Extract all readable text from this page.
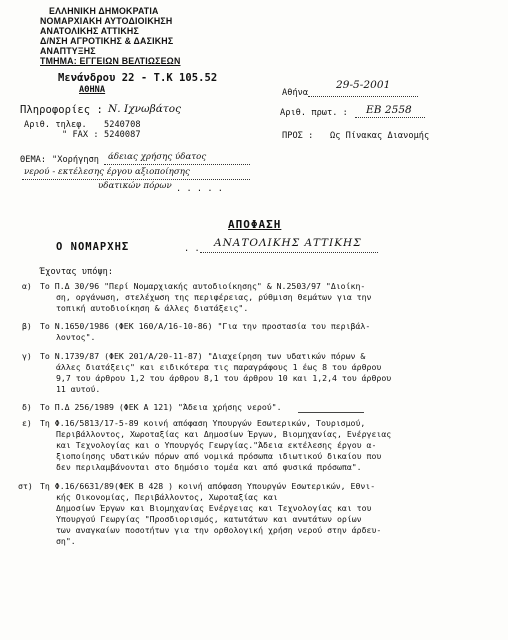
ΕΛΛΗΝΙΚΗ ΔΗΜΟΚΡΑΤΙΑ
ΝΟΜΑΡΧΙΑΚΗ ΑΥΤΟΔΙΟΙΚΗΣΗ
ΑΝΑΤΟΛΙΚΗΣ ΑΤΤΙΚΗΣ
Δ/ΝΣΗ ΑΓΡΟΤΙΚΗΣ & ΔΑΣΙΚΗΣ
ΑΝΑΠΤΥΞΗΣ
ΤΜΗΜΑ: ΕΓΓΕΙΩΝ ΒΕΛΤΙΩΣΕΩΝ
Μενάνδρου 22 - Τ.Κ 105.52
ΑΘΗΝΑ
Πληροφορίες : Ν. Ιχνωβάτος
Αριθ. τηλεφ. 5240708
" FAX : 5240087
Αθήνα
29-5-2001
Αριθ. πρωτ. : ΕΒ 2558
ΠΡΟΣ : Ως Πίνακας Διανομής
ΘΕΜΑ: "Χορήγηση άδειας χρήσης ύδατος
νερού - εκτέλεσης έργου αξιοποίησης
υδατικών πόρων . . . . .
ΑΠΟΦΑΣΗ
Ο ΝΟΜΑΡΧΗΣ	. . ΑΝΑΤΟΛΙΚΗΣ ΑΤΤΙΚΗΣ
Έχοντας υπόψη:
α) Το Π.Δ 30/96 "Περί Νομαρχιακής αυτοδιοίκησης" & Ν.2503/97 "Διοίκη-
ση, οργάνωση, στελέχωση της περιφέρειας, ρύθμιση θεμάτων για την
τοπική αυτοδιοίκηση & άλλες διατάξεις".
β) Το Ν.1650/1986 (ΦΕΚ 160/Α/16-10-86) "Για την προστασία του περιβάλ-
λοντος".
γ) Το Ν.1739/87 (ΦΕΚ 201/Α/20-11-87) "Διαχείρηση των υδατικών πόρων &
άλλες διατάξεις" και ειδικότερα τις παραγράφους 1 έως 8 του άρθρου
9,7 του άρθρου 1,2 του άρθρου 8,1 του άρθρου 10 και 1,2,4 του άρθρου
11 αυτού.
δ) Το Π.Δ 256/1989 (ΦΕΚ Α 121) "Άδεια χρήσης νερού".
ε) Τη Φ.16/5813/17-5-89 κοινή απόφαση Υπουργών Εσωτερικών, Τουρισμού,
Περιβάλλοντος, Χωροταξίας και Δημοσίων Έργων, Βιομηχανίας, Ενέργειας
και Τεχνολογίας και ο Υπουργός Γεωργίας."Άδεια εκτέλεσης έργου α-
ξιοποίησης υδατικών πόρων από νομικά πρόσωπα ιδιωτικού δικαίου που
δεν περιλαμβάνονται στο δημόσιο τομέα και από φυσικά πρόσωπα".
στ) Τη Φ.16/6631/89(ΦΕΚ Β 428 ) κοινή απόφαση Υπουργών Εσωτερικών, Εθνι-
κής Οικονομίας, Περιβάλλοντος, Χωροταξίας και
Δημοσίων Έργων και Βιομηχανίας Ενέργειας και Τεχνολογίας και του
Υπουργού Γεωργίας "Προσδιορισμός, κατωτάτων και ανωτάτων ορίων
των αναγκαίων ποσοτήτων για την ορθολογική χρήση νερού στην άρδευ-
ση".
